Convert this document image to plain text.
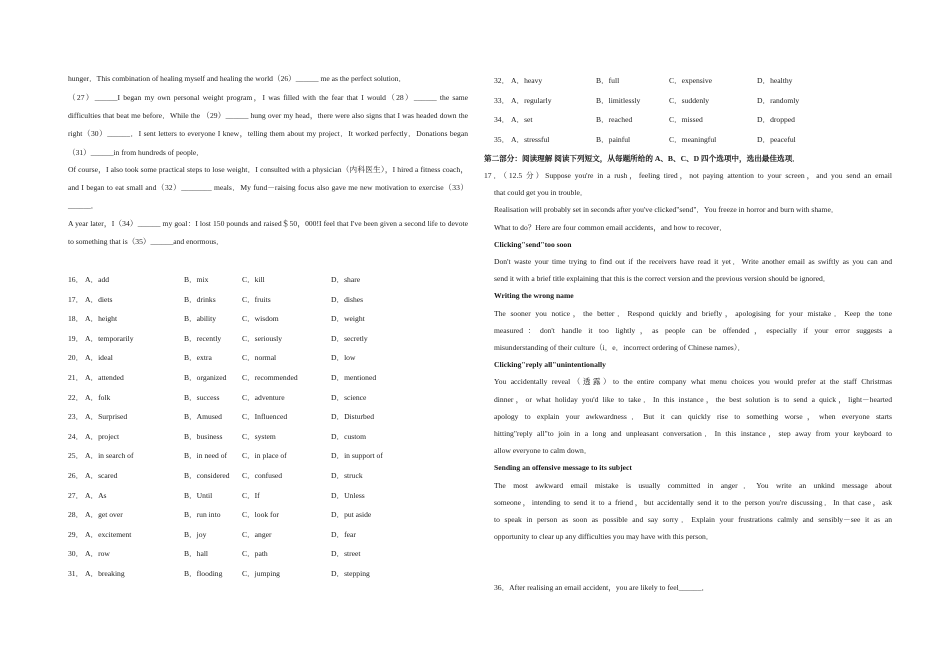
hunger．This combination of healing myself and healing the world（26）______ me as the perfect solution．
（27）______I began my own personal weight program，I was filled with the fear that I would（28）______ the same difficulties that beat me before．While the （29）______ hung over my head，there were also signs that I was headed down the right（30）______．I sent letters to everyone I knew，telling them about my project．It worked perfectly．Donations began （31）______in from hundreds of people．
Of course，I also took some practical steps to lose weight．I consulted with a physician（内科医生），I hired a fitness coach，and I began to eat small and（32）________ meals．My fund－raising focus also gave me new motivation to exercise（33）______．
A year later，I（34）______ my goal：I lost 150 pounds and raised＄50，000!I feel that I've been given a second life to devote to something that is（35）______and enormous．
16． A．add	B．mix	C．kill	D．share
17． A．diets	B．drinks	C．fruits	D．dishes
18． A．height	B．ability	C．wisdom	D．weight
19． A．temporarily	B．recently	C．seriously	D．secretly
20． A．ideal	B．extra	C．normal	D．low
21． A．attended	B．organized C．recommended	D．mentioned
22． A．folk	B．success	C．adventure	D．science
23． A．Surprised	B．Amused	C．Influenced	D．Disturbed
24． A．project	B．business	C．system	D．custom
25． A．in search of	B．in need of C．in place of	D．in support of
26． A．scared	B．considered C．confused	D．struck
27． A．As	B．Until	C．If	D．Unless
28． A．get over	B．run into	C．look for	D．put aside
29． A．excitement	B．joy	C．anger	D．fear
30． A．row	B．hall	C．path	D．street
31． A．breaking	B．flooding	C．jumping	D．stepping
32． A．heavy	B．full	C．expensive	D．healthy
33． A．regularly	B．limitlessly	C．suddenly	D．randomly
34． A．set	B．reached	C．missed	D．dropped
35． A．stressful	B．painful	C．meaningful	D．peaceful
第二部分：阅读理解 阅读下列短文，从每题所给的 A、B、C、D 四个选项中，选出最佳选项．
17．（12.5 分）Suppose you're in a rush，feeling tired，not paying attention to your screen，and you send an email
that could get you in trouble．
Realisation will probably set in seconds after you've clicked"send"．You freeze in horror and burn with shame．
What to do？Here are four common email accidents，and how to recover．
Clicking"send"too soon
Don't waste your time trying to find out if the receivers have read it yet．Write another email as swiftly as you can and
send it with a brief title explaining that this is the correct version and the previous version should be ignored．
Writing the wrong name
The sooner you notice，the better．Respond quickly and briefly，apologising for your mistake．Keep the tone
measured：don't handle it too lightly，as people can be offended，especially if your error suggests a
misunderstanding of their culture（i．e．incorrect ordering of Chinese names）．
Clicking"reply all"unintentionally
You accidentally reveal（透露）to the entire company what menu choices you would prefer at the staff Christmas
dinner，or what holiday you'd like to take．In this instance，the best solution is to send a quick，light－hearted
apology to explain your awkwardness．But it can quickly rise to something worse，when everyone starts
hitting"reply all"to join in a long and unpleasant conversation．In this instance，step away from your keyboard to
allow everyone to calm down．
Sending an offensive message to its subject
The most awkward email mistake is usually committed in anger．You write an unkind message about
someone，intending to send it to a friend，but accidentally send it to the person you're discussing．In that case，ask
to speak in person as soon as possible and say sorry．Explain your frustrations calmly and sensibly－see it as an
opportunity to clear up any difficulties you may have with this person．
36．After realising an email accident，you are likely to feel______．
